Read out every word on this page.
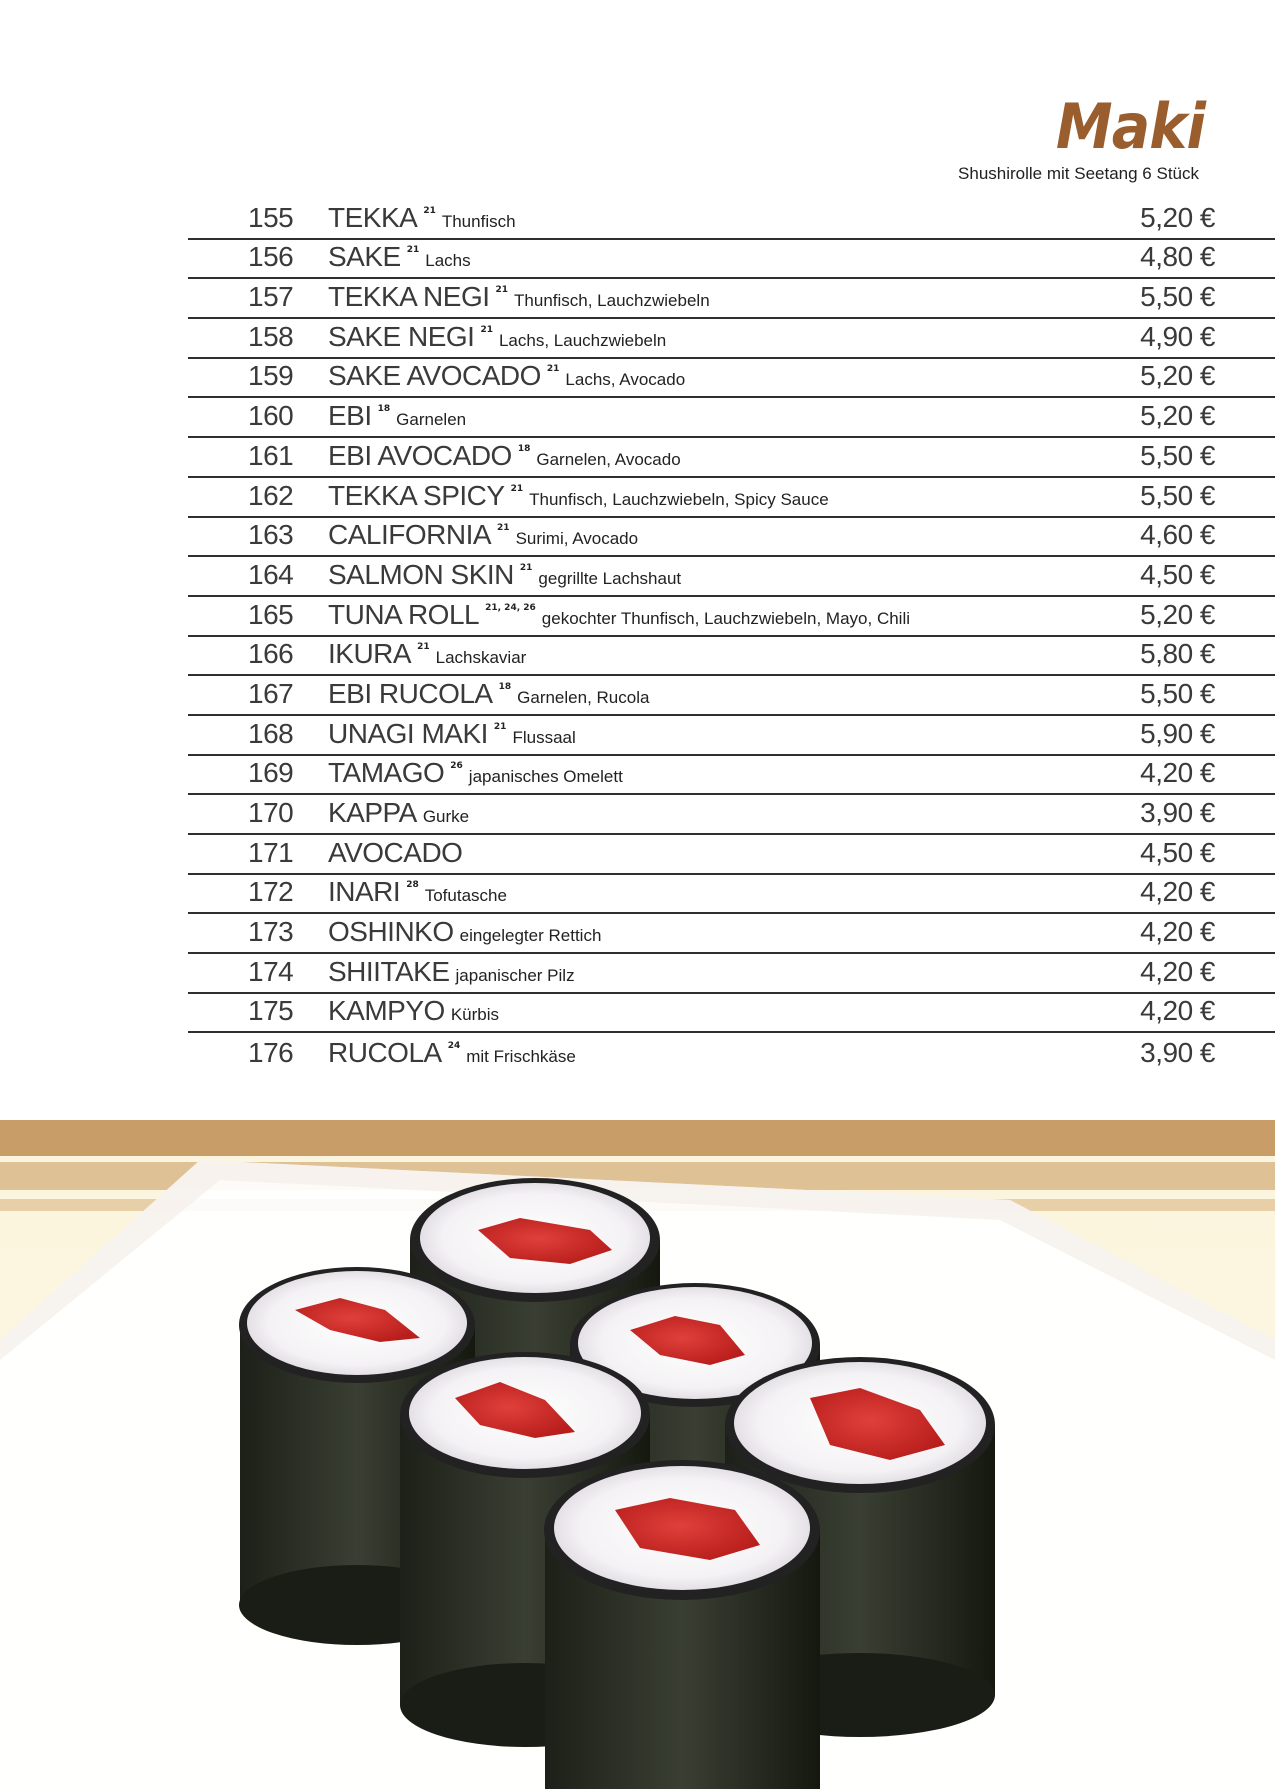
Maki
Shushirolle mit Seetang 6 Stück
155 TEKKA $^{21}$Thunfisch	5,20 €
156 SAKE $^{21}$Lachs	4,80 €
157 TEKKA NEGI $^{21}$Thunfisch, Lauchzwiebeln	5,50 €
158 SAKE NEGI $^{21}$Lachs, Lauchzwiebeln	4,90 €
159 SAKE AVOCADO $^{21}$Lachs, Avocado	5,20 €
160 EBI $^{18}$Garnelen	5,20 €
161 EBI AVOCADO $^{18}$Garnelen, Avocado	5,50 €
162 TEKKA SPICY $^{21}$Thunfisch, Lauchzwiebeln, Spicy Sauce	5,50 €
163 CALIFORNIA $^{21}$Surimi, Avocado	4,60 €
164 SALMON SKIN $^{21}$gegrillte Lachshaut	4,50 €
165 TUNA ROLL $^{21, 24, 26}$gekochter Thunfisch, Lauchzwiebeln, Mayo, Chili	5,20 €
166 IKURA $^{21}$Lachskaviar	5,80 €
167 EBI RUCOLA $^{18}$Garnelen, Rucola	5,50 €
168 UNAGI MAKI $^{21}$Flussaal	5,90 €
169 TAMAGO $^{26}$japanisches Omelett	4,20 €
170 KAPPA Gurke	3,90 €
171 AVOCADO	4,50 €
172 INARI $^{28}$Tofutasche	4,20 €
173 OSHINKO eingelegter Rettich	4,20 €
174 SHIITAKE japanischer Pilz	4,20 €
175 KAMPYO Kürbis	4,20 €
176 RUCOLA $^{24}$mit Frischkäse	3,90 €
